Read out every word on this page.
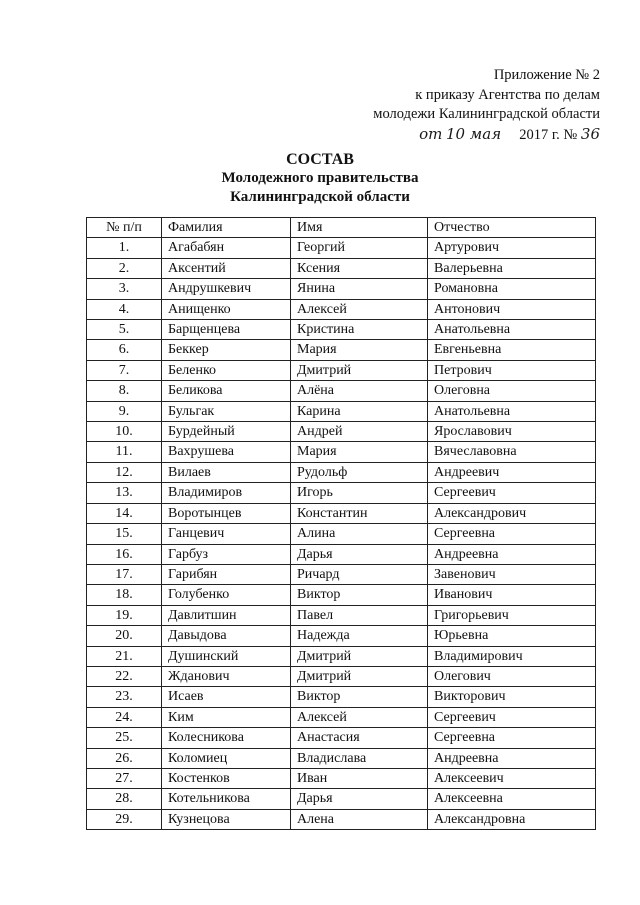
Приложение № 2
к приказу Агентства по делам
молодежи Калининградской области
от 10 мая 2017 г. № 36
СОСТАВ
Молодежного правительства
Калининградской области
№ п/п	Фамилия	Имя	Отчество
1.	Агабабян	Георгий	Артурович
2.	Аксентий	Ксения	Валерьевна
3.	Андрушкевич	Янина	Романовна
4.	Анищенко	Алексей	Антонович
5.	Барщенцева	Кристина	Анатольевна
6.	Беккер	Мария	Евгеньевна
7.	Беленко	Дмитрий	Петрович
8.	Беликова	Алёна	Олеговна
9.	Бульгак	Карина	Анатольевна
10.	Бурдейный	Андрей	Ярославович
11.	Вахрушева	Мария	Вячеславовна
12.	Вилаев	Рудольф	Андреевич
13.	Владимиров	Игорь	Сергеевич
14.	Воротынцев	Константин	Александрович
15.	Ганцевич	Алина	Сергеевна
16.	Гарбуз	Дарья	Андреевна
17.	Гарибян	Ричард	Завенович
18.	Голубенко	Виктор	Иванович
19.	Давлитшин	Павел	Григорьевич
20.	Давыдова	Надежда	Юрьевна
21.	Душинский	Дмитрий	Владимирович
22.	Жданович	Дмитрий	Олегович
23.	Исаев	Виктор	Викторович
24.	Ким	Алексей	Сергеевич
25.	Колесникова	Анастасия	Сергеевна
26.	Коломиец	Владислава	Андреевна
27.	Костенков	Иван	Алексеевич
28.	Котельникова	Дарья	Алексеевна
29.	Кузнецова	Алена	Александровна
